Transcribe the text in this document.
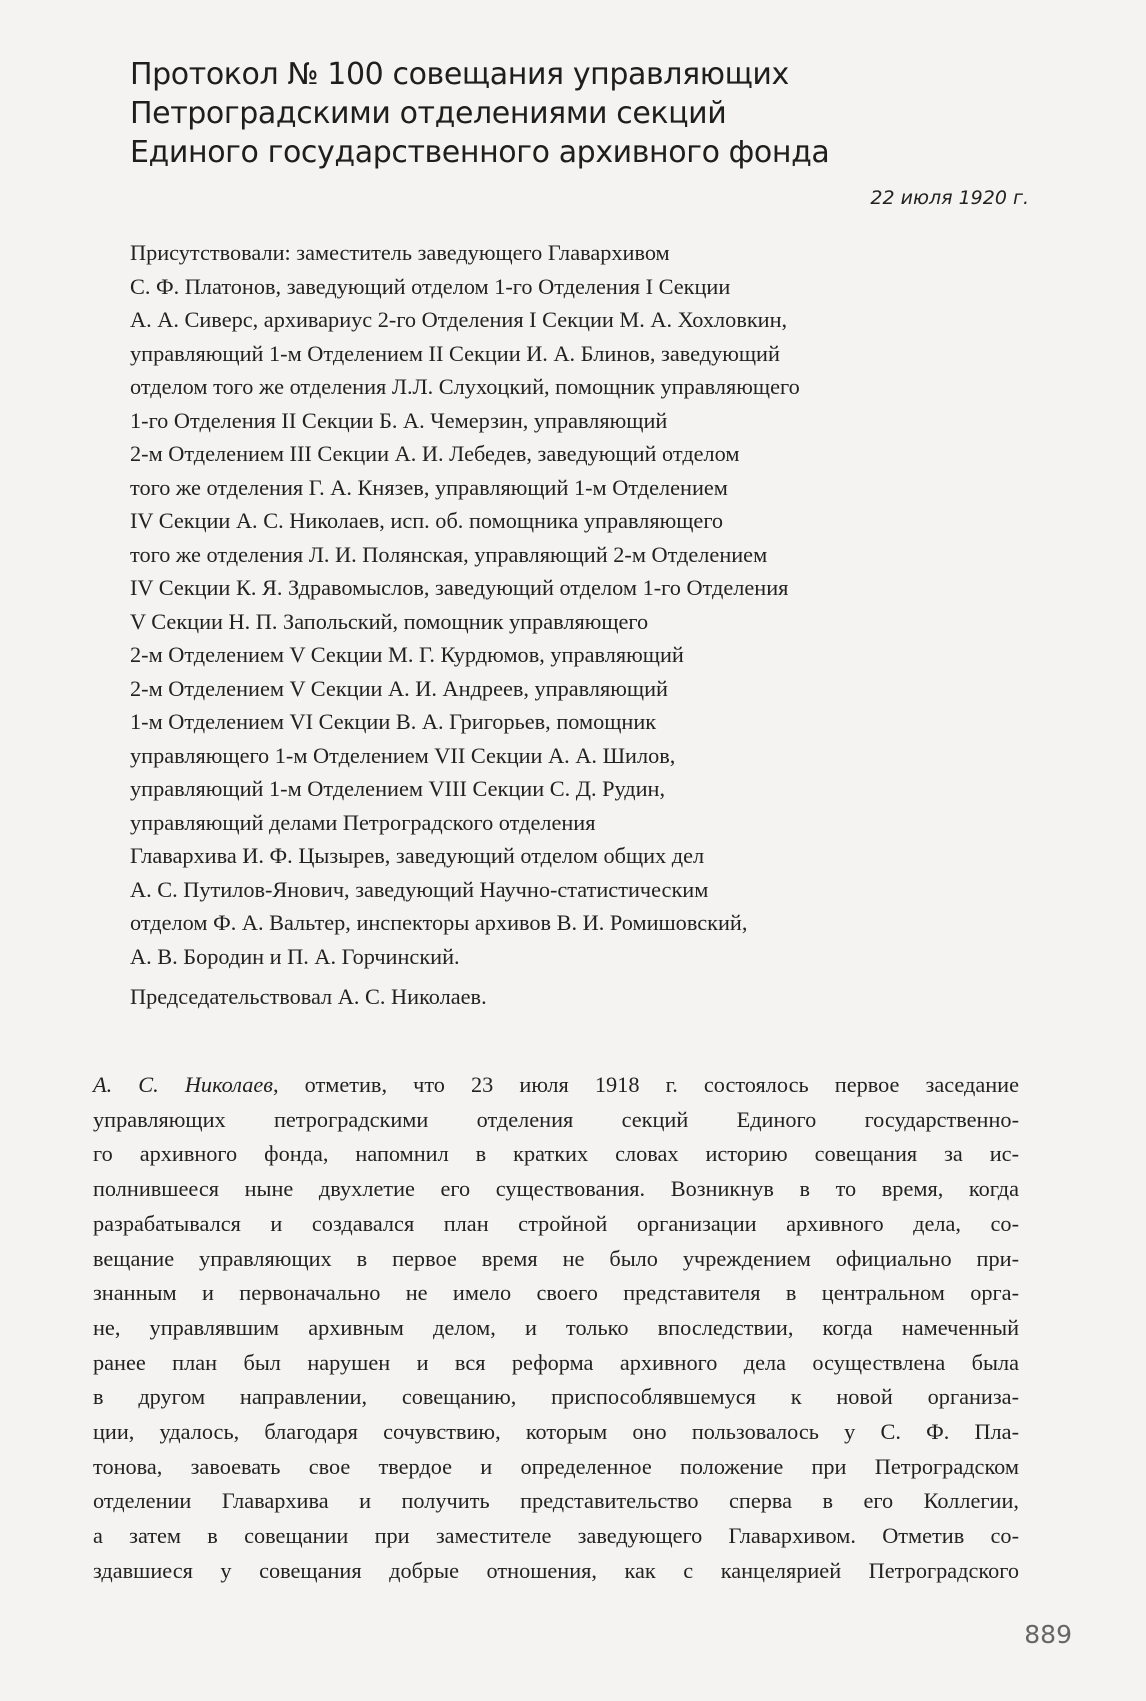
Протокол № 100 совещания управляющих
Петроградскими отделениями секций
Единого государственного архивного фонда
22 июля 1920 г.
Присутствовали: заместитель заведующего Главархивом
С. Ф. Платонов, заведующий отделом 1-го Отделения I Секции
А. А. Сиверс, архивариус 2-го Отделения I Секции М. А. Хохловкин,
управляющий 1-м Отделением II Секции И. А. Блинов, заведующий
отделом того же отделения Л.Л. Слухоцкий, помощник управляющего
1-го Отделения II Секции Б. А. Чемерзин, управляющий
2-м Отделением III Секции А. И. Лебедев, заведующий отделом
того же отделения Г. А. Князев, управляющий 1-м Отделением
IV Секции А. С. Николаев, исп. об. помощника управляющего
того же отделения Л. И. Полянская, управляющий 2-м Отделением
IV Секции К. Я. Здравомыслов, заведующий отделом 1-го Отделения
V Секции Н. П. Запольский, помощник управляющего
2-м Отделением V Секции М. Г. Курдюмов, управляющий
2-м Отделением V Секции А. И. Андреев, управляющий
1-м Отделением VI Секции В. А. Григорьев, помощник
управляющего 1-м Отделением VII Секции А. А. Шилов,
управляющий 1-м Отделением VIII Секции С. Д. Рудин,
управляющий делами Петроградского отделения
Главархива И. Ф. Цызырев, заведующий отделом общих дел
А. С. Путилов-Янович, заведующий Научно-статистическим
отделом Ф. А. Вальтер, инспекторы архивов В. И. Ромишовский,
А. В. Бородин и П. А. Горчинский.
Председательствовал А. С. Николаев.
А. С. Николаев, отметив, что 23 июля 1918 г. состоялось первое заседание
управляющих петроградскими отделения секций Единого государственно-
го архивного фонда, напомнил в кратких словах историю совещания за ис-
полнившееся ныне двухлетие его существования. Возникнув в то время, когда
разрабатывался и создавался план стройной организации архивного дела, со-
вещание управляющих в первое время не было учреждением официально при-
знанным и первоначально не имело своего представителя в центральном орга-
не, управлявшим архивным делом, и только впоследствии, когда намеченный
ранее план был нарушен и вся реформа архивного дела осуществлена была
в другом направлении, совещанию, приспособлявшемуся к новой организа-
ции, удалось, благодаря сочувствию, которым оно пользовалось у С. Ф. Пла-
тонова, завоевать свое твердое и определенное положение при Петроградском
отделении Главархива и получить представительство сперва в его Коллегии,
а затем в совещании при заместителе заведующего Главархивом. Отметив со-
здавшиеся у совещания добрые отношения, как с канцелярией Петроградского
889
